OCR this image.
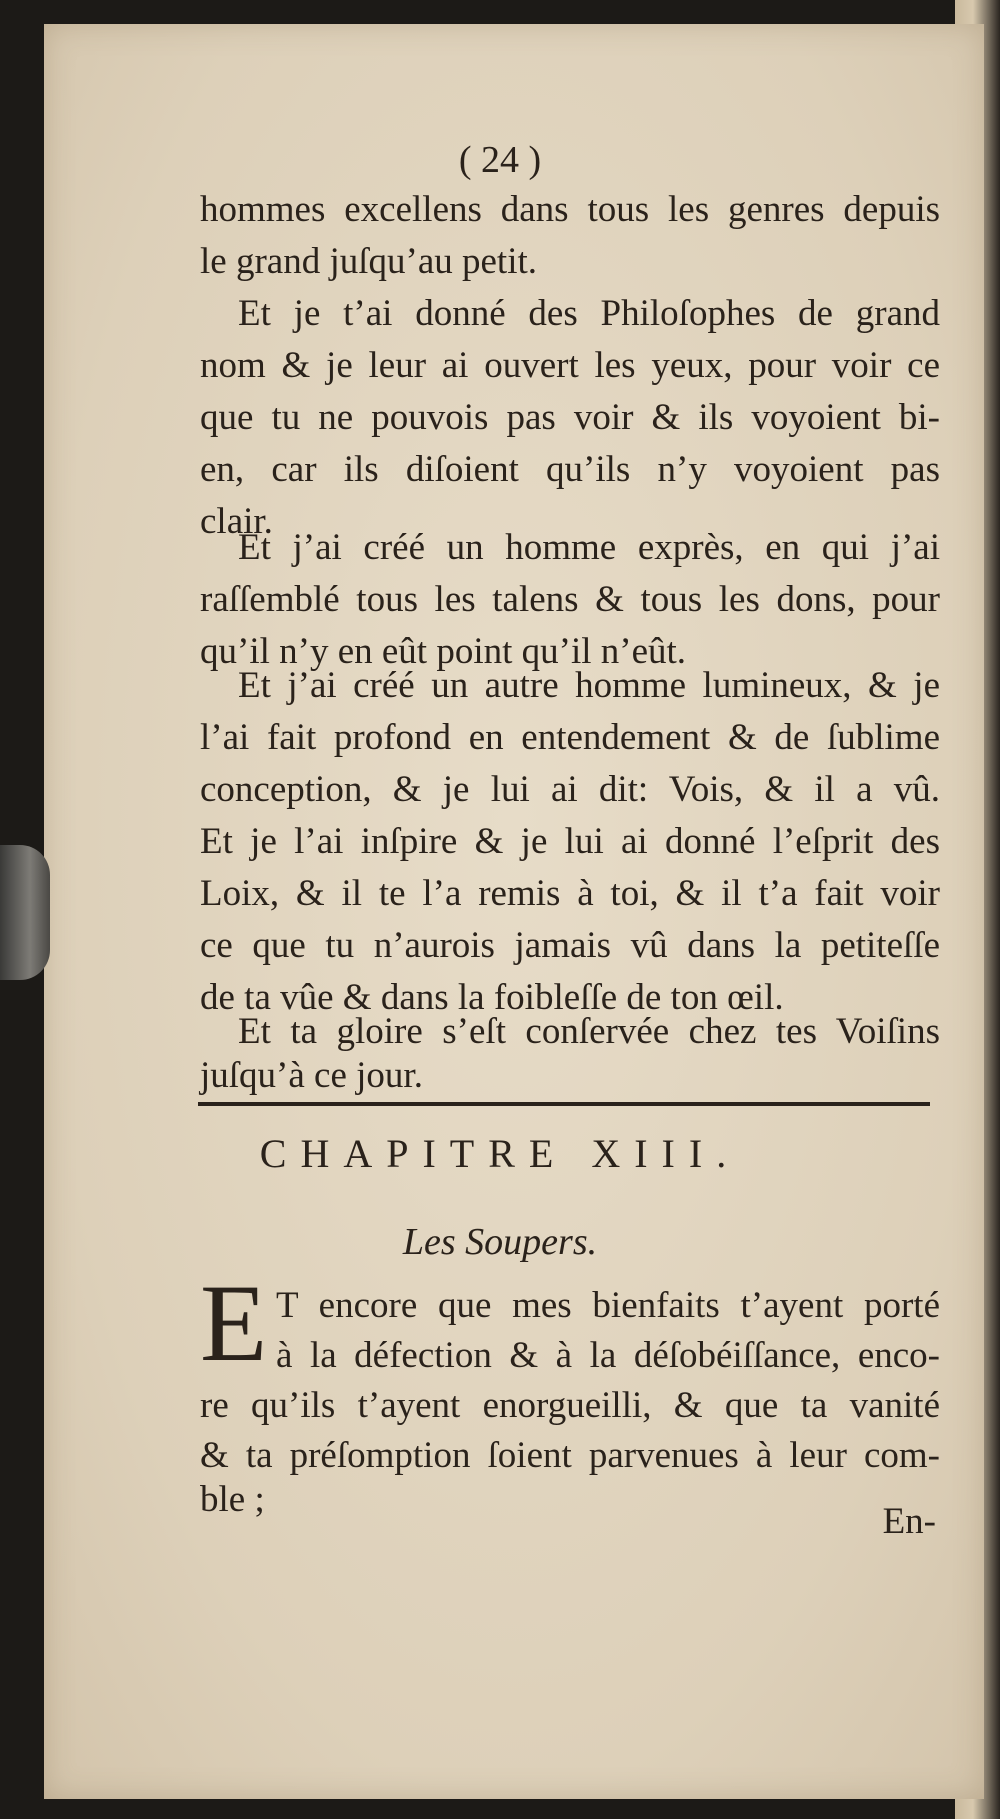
( 24 )
hommes excellens dans tous les genres depuis
le grand juſqu’au petit.
Et je t’ai donné des Philoſophes de grand
nom & je leur ai ouvert les yeux, pour voir ce
que tu ne pouvois pas voir & ils voyoient bi-
en, car ils diſoient qu’ils n’y voyoient pas
clair.
Et j’ai créé un homme exprès, en qui j’ai
raſſemblé tous les talens & tous les dons, pour
qu’il n’y en eût point qu’il n’eût.
Et j’ai créé un autre homme lumineux, & je
l’ai fait profond en entendement & de ſublime
conception, & je lui ai dit: Vois, & il a vû.
Et je l’ai inſpire & je lui ai donné l’eſprit des
Loix, & il te l’a remis à toi, & il t’a fait voir
ce que tu n’aurois jamais vû dans la petiteſſe
de ta vûe & dans la foibleſſe de ton œil.
Et ta gloire s’eſt conſervée chez tes Voiſins
juſqu’à ce jour.
CHAPITRE XIII.
Les Soupers.
E T encore que mes bienfaits t’ayent porté
à la défection & à la déſobéiſſance, enco-
re qu’ils t’ayent enorgueilli, & que ta vanité
& ta préſomption ſoient parvenues à leur com-
ble ;
En-
